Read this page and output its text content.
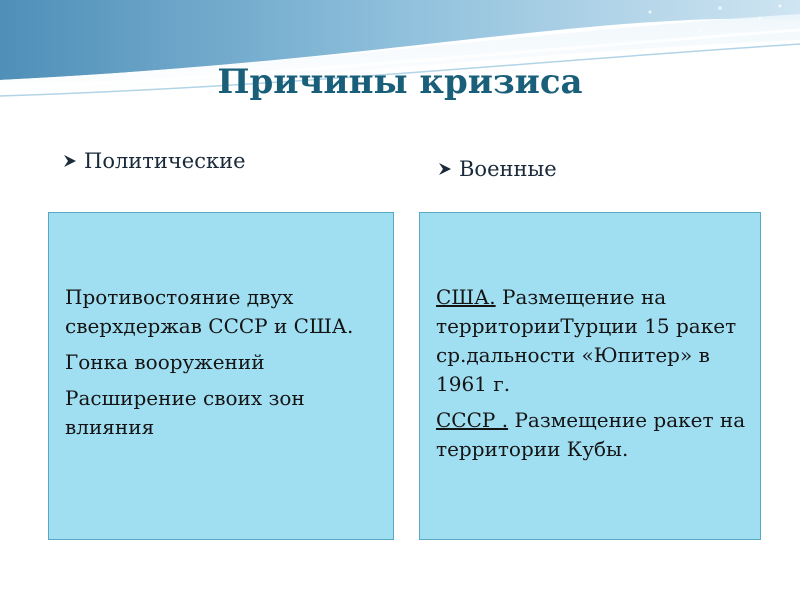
Причины кризиса
Политические	Военные

Противостояние двух сверхдержав СССР и США.

Гонка вооружений

Расширение своих зон влияния

США. Размещение на территорииТурции 15 ракет ср.дальности «Юпитер» в 1961 г.

СССР . Размещение ракет на территории Кубы.
